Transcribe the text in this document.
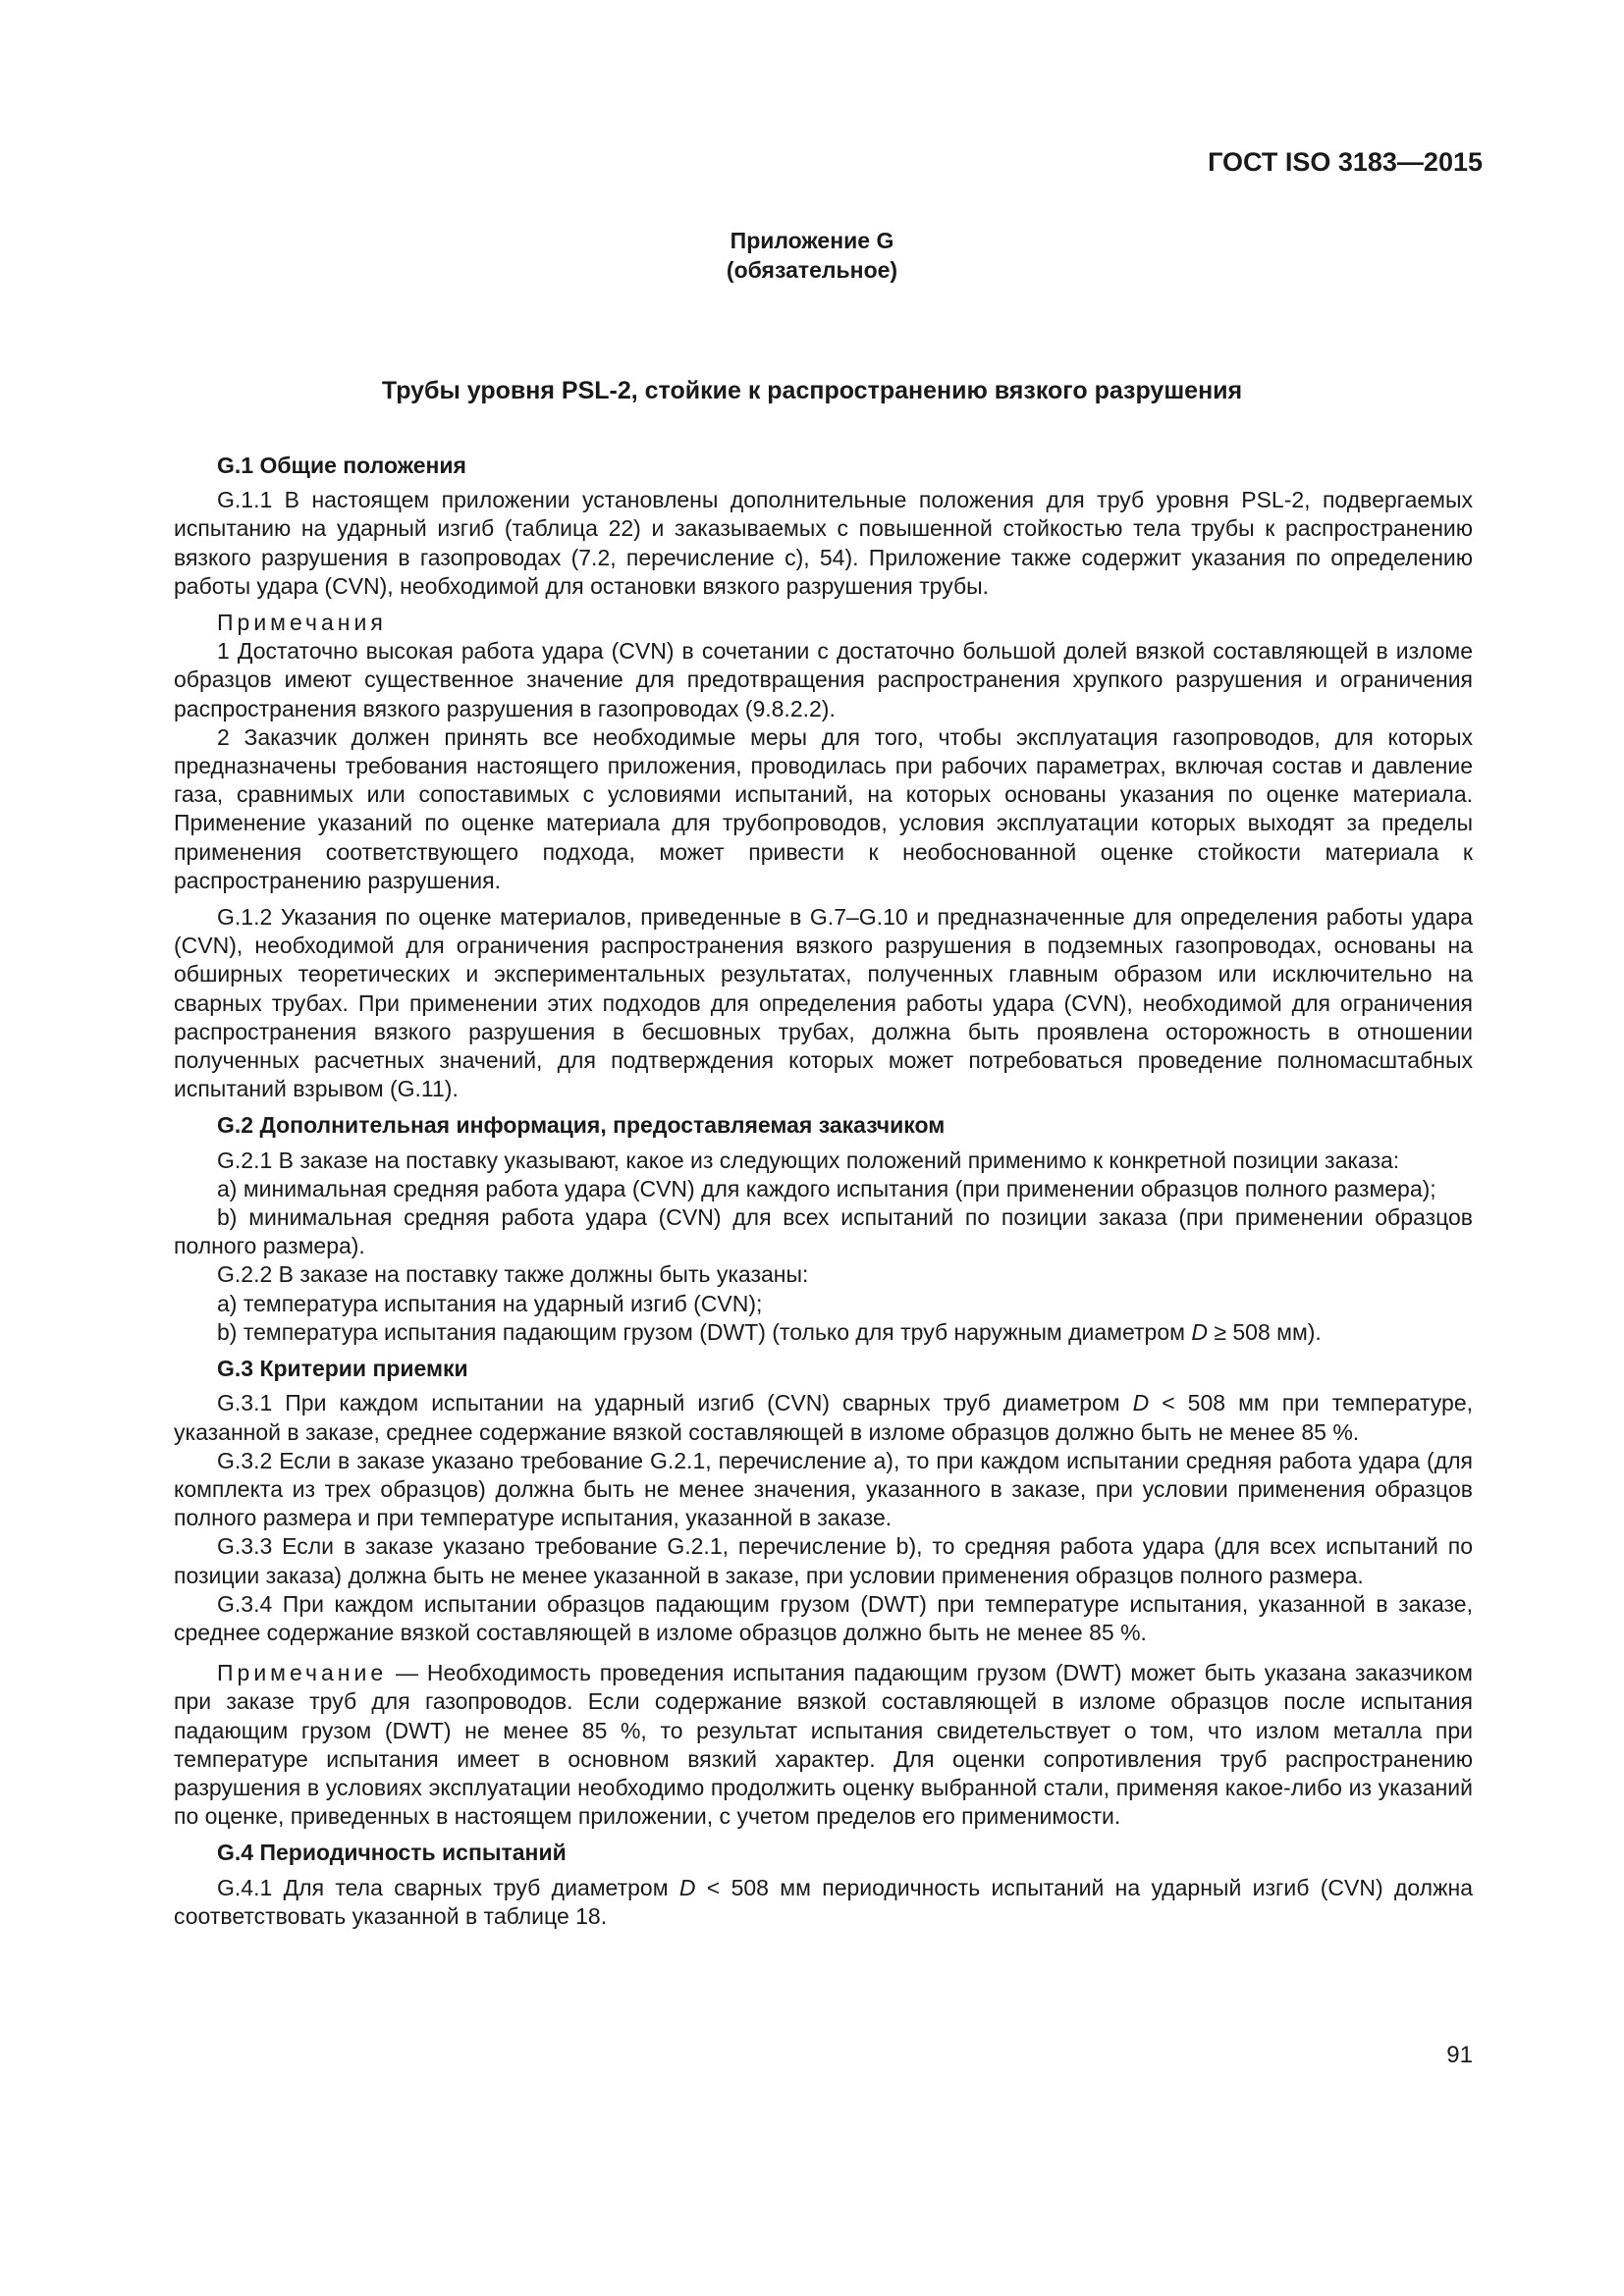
ГОСТ ISO 3183—2015
Приложение G
(обязательное)
Трубы уровня PSL-2, стойкие к распространению вязкого разрушения

G.1 Общие положения

G.1.1 В настоящем приложении установлены дополнительные положения для труб уровня PSL-2, подвергаемых испытанию на ударный изгиб (таблица 22) и заказываемых с повышенной стойкостью тела трубы к распространению вязкого разрушения в газопроводах (7.2, перечисление с), 54). Приложение также содержит указания по определению работы удара (CVN), необходимой для остановки вязкого разрушения трубы.

Примечания

1 Достаточно высокая работа удара (CVN) в сочетании с достаточно большой долей вязкой составляющей в изломе образцов имеют существенное значение для предотвращения распространения хрупкого разрушения и ограничения распространения вязкого разрушения в газопроводах (9.8.2.2).

2 Заказчик должен принять все необходимые меры для того, чтобы эксплуатация газопроводов, для которых предназначены требования настоящего приложения, проводилась при рабочих параметрах, включая состав и давление газа, сравнимых или сопоставимых с условиями испытаний, на которых основаны указания по оценке материала. Применение указаний по оценке материала для трубопроводов, условия эксплуатации которых выходят за пределы применения соответствующего подхода, может привести к необоснованной оценке стойкости материала к распространению разрушения.

G.1.2 Указания по оценке материалов, приведенные в G.7–G.10 и предназначенные для определения работы удара (CVN), необходимой для ограничения распространения вязкого разрушения в подземных газопроводах, основаны на обширных теоретических и экспериментальных результатах, полученных главным образом или исключительно на сварных трубах. При применении этих подходов для определения работы удара (CVN), необходимой для ограничения распространения вязкого разрушения в бесшовных трубах, должна быть проявлена осторожность в отношении полученных расчетных значений, для подтверждения которых может потребоваться проведение полномасштабных испытаний взрывом (G.11).

G.2 Дополнительная информация, предоставляемая заказчиком

G.2.1 В заказе на поставку указывают, какое из следующих положений применимо к конкретной позиции заказа:

a) минимальная средняя работа удара (CVN) для каждого испытания (при применении образцов полного размера);

b) минимальная средняя работа удара (CVN) для всех испытаний по позиции заказа (при применении образцов полного размера).

G.2.2 В заказе на поставку также должны быть указаны:

a) температура испытания на ударный изгиб (CVN);

b) температура испытания падающим грузом (DWT) (только для труб наружным диаметром D ≥ 508 мм).

G.3 Критерии приемки

G.3.1 При каждом испытании на ударный изгиб (CVN) сварных труб диаметром D < 508 мм при температуре, указанной в заказе, среднее содержание вязкой составляющей в изломе образцов должно быть не менее 85 %.

G.3.2 Если в заказе указано требование G.2.1, перечисление a), то при каждом испытании средняя работа удара (для комплекта из трех образцов) должна быть не менее значения, указанного в заказе, при условии применения образцов полного размера и при температуре испытания, указанной в заказе.

G.3.3 Если в заказе указано требование G.2.1, перечисление b), то средняя работа удара (для всех испытаний по позиции заказа) должна быть не менее указанной в заказе, при условии применения образцов полного размера.

G.3.4 При каждом испытании образцов падающим грузом (DWT) при температуре испытания, указанной в заказе, среднее содержание вязкой составляющей в изломе образцов должно быть не менее 85 %.

Примечание — Необходимость проведения испытания падающим грузом (DWT) может быть указана заказчиком при заказе труб для газопроводов. Если содержание вязкой составляющей в изломе образцов после испытания падающим грузом (DWT) не менее 85 %, то результат испытания свидетельствует о том, что излом металла при температуре испытания имеет в основном вязкий характер. Для оценки сопротивления труб распространению разрушения в условиях эксплуатации необходимо продолжить оценку выбранной стали, применяя какое-либо из указаний по оценке, приведенных в настоящем приложении, с учетом пределов его применимости.

G.4 Периодичность испытаний

G.4.1 Для тела сварных труб диаметром D < 508 мм периодичность испытаний на ударный изгиб (CVN) должна соответствовать указанной в таблице 18.

91
